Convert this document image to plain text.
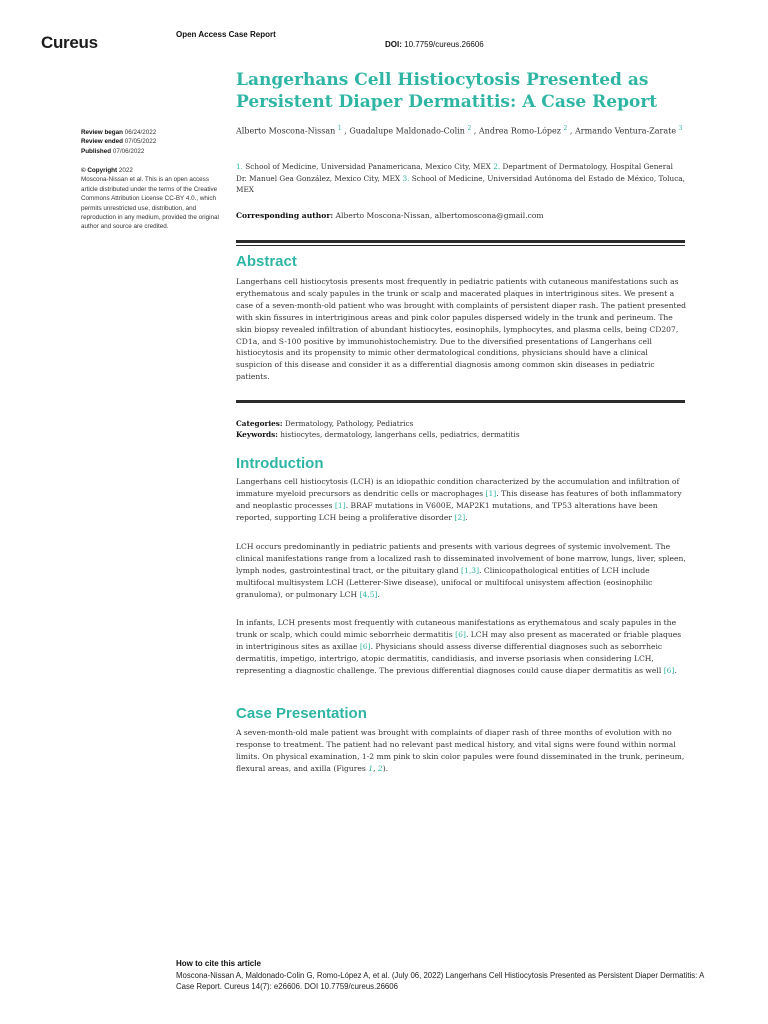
Cureus	Open Access Case Report
DOI: 10.7759/cureus.26606
Review began 06/24/2022
Review ended 07/05/2022
Published 07/06/2022
© Copyright 2022
Moscona-Nissan et al. This is an open access article distributed under the terms of the Creative Commons Attribution License CC-BY 4.0., which permits unrestricted use, distribution, and reproduction in any medium, provided the original author and source are credited.
Langerhans Cell Histiocytosis Presented as Persistent Diaper Dermatitis: A Case Report
Alberto Moscona-Nissan $^1$ , Guadalupe Maldonado-Colin $^2$ , Andrea Romo-López $^2$ , Armando Ventura-Zarate $^3$
1. School of Medicine, Universidad Panamericana, Mexico City, MEX 2. Department of Dermatology, Hospital General Dr. Manuel Gea González, Mexico City, MEX 3. School of Medicine, Universidad Autónoma del Estado de México, Toluca, MEX
Corresponding author: Alberto Moscona-Nissan, albertomoscona@gmail.com
Abstract
Langerhans cell histiocytosis presents most frequently in pediatric patients with cutaneous manifestations such as erythematous and scaly papules in the trunk or scalp and macerated plaques in intertriginous sites. We present a case of a seven-month-old patient who was brought with complaints of persistent diaper rash. The patient presented with skin fissures in intertriginous areas and pink color papules dispersed widely in the trunk and perineum. The skin biopsy revealed infiltration of abundant histiocytes, eosinophils, lymphocytes, and plasma cells, being CD207, CD1a, and S-100 positive by immunohistochemistry. Due to the diversified presentations of Langerhans cell histiocytosis and its propensity to mimic other dermatological conditions, physicians should have a clinical suspicion of this disease and consider it as a differential diagnosis among common skin diseases in pediatric patients.
Categories: Dermatology, Pathology, Pediatrics
Keywords: histiocytes, dermatology, langerhans cells, pediatrics, dermatitis
Introduction
Langerhans cell histiocytosis (LCH) is an idiopathic condition characterized by the accumulation and infiltration of immature myeloid precursors as dendritic cells or macrophages [1]. This disease has features of both inflammatory and neoplastic processes [1]. BRAF mutations in V600E, MAP2K1 mutations, and TP53 alterations have been reported, supporting LCH being a proliferative disorder [2].
LCH occurs predominantly in pediatric patients and presents with various degrees of systemic involvement. The clinical manifestations range from a localized rash to disseminated involvement of bone marrow, lungs, liver, spleen, lymph nodes, gastrointestinal tract, or the pituitary gland [1,3]. Clinicopathological entities of LCH include multifocal multisystem LCH (Letterer-Siwe disease), unifocal or multifocal unisystem affection (eosinophilic granuloma), or pulmonary LCH [4,5].
In infants, LCH presents most frequently with cutaneous manifestations as erythematous and scaly papules in the trunk or scalp, which could mimic seborrheic dermatitis [6]. LCH may also present as macerated or friable plaques in intertriginous sites as axillae [6]. Physicians should assess diverse differential diagnoses such as seborrheic dermatitis, impetigo, intertrigo, atopic dermatitis, candidiasis, and inverse psoriasis when considering LCH, representing a diagnostic challenge. The previous differential diagnoses could cause diaper dermatitis as well [6].
Case Presentation
A seven-month-old male patient was brought with complaints of diaper rash of three months of evolution with no response to treatment. The patient had no relevant past medical history, and vital signs were found within normal limits. On physical examination, 1-2 mm pink to skin color papules were found disseminated in the trunk, perineum, flexural areas, and axilla (Figures 1, 2).
How to cite this article
Moscona-Nissan A, Maldonado-Colin G, Romo-López A, et al. (July 06, 2022) Langerhans Cell Histiocytosis Presented as Persistent Diaper Dermatitis: A Case Report. Cureus 14(7): e26606. DOI 10.7759/cureus.26606
